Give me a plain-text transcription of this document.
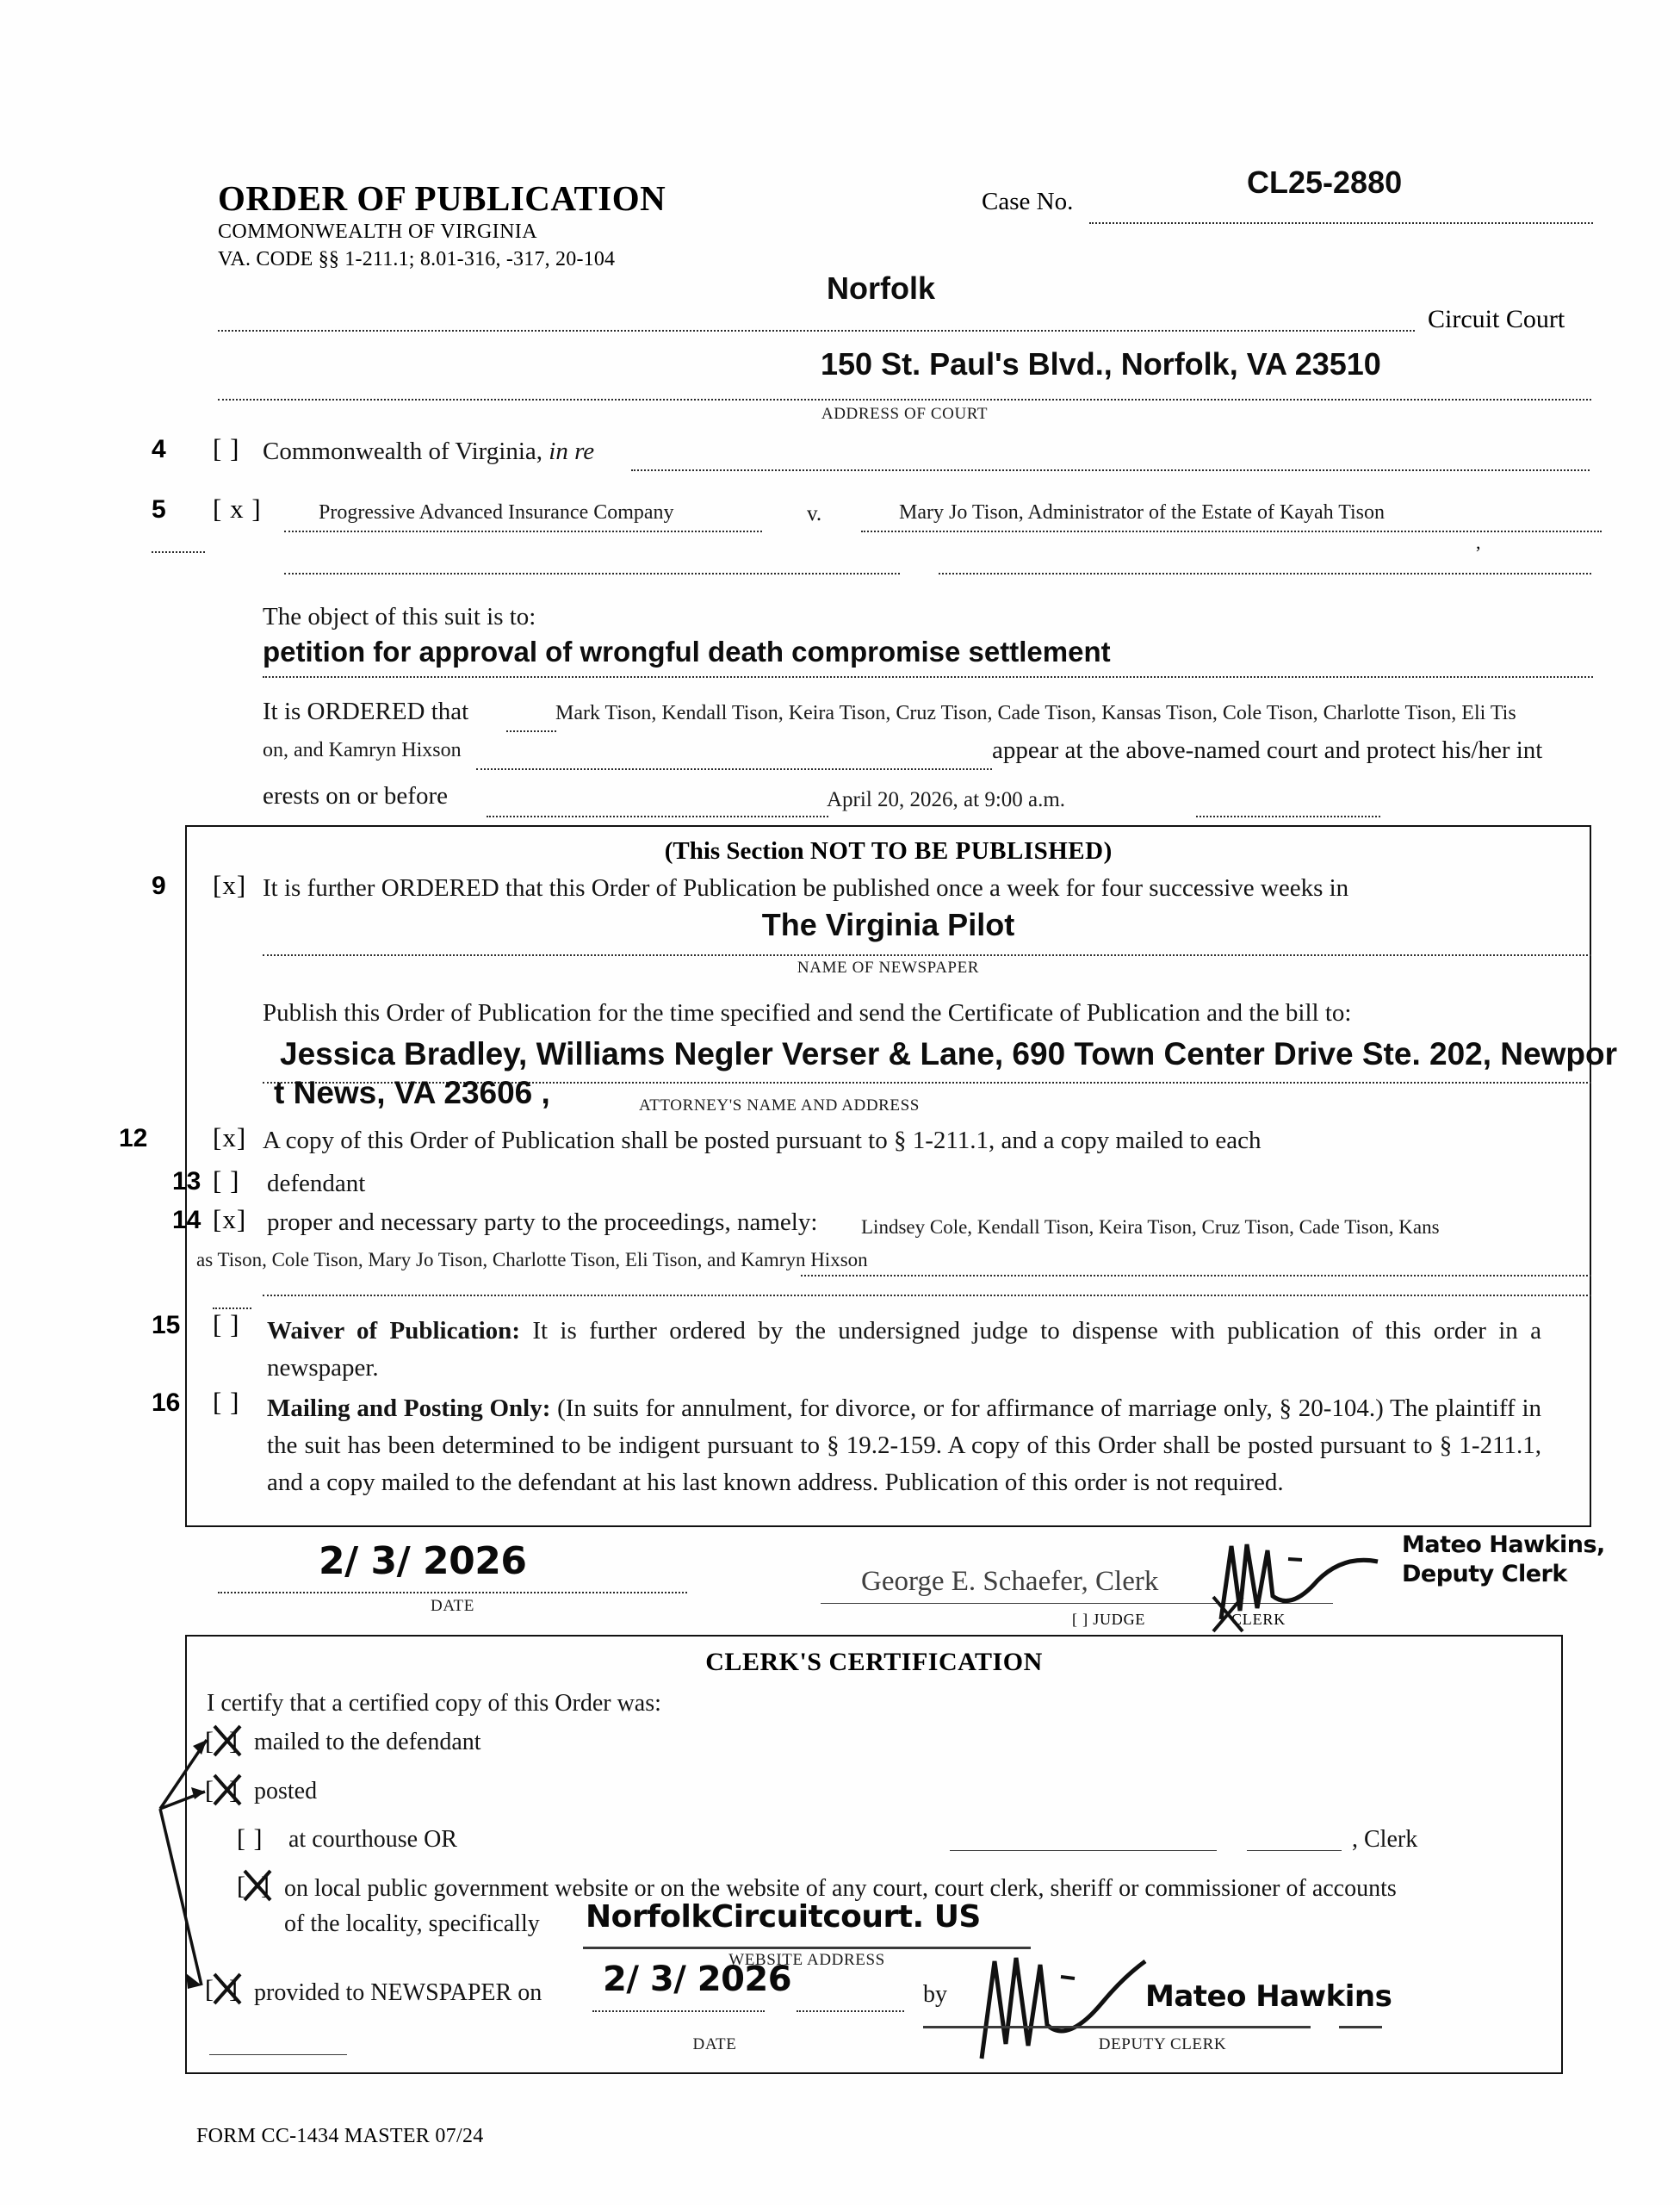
ORDER OF PUBLICATION
COMMONWEALTH OF VIRGINIA
VA. CODE §§ 1-211.1; 8.01-316, -317, 20-104
Case No.
CL25-2880
Norfolk
Circuit Court
150 St. Paul's Blvd., Norfolk, VA 23510
ADDRESS OF COURT
4 [ ] Commonwealth of Virginia, in re
5 [ x ]	Progressive Advanced Insurance Company	v.	Mary Jo Tison, Administrator of the Estate of Kayah Tison
,
The object of this suit is to:
petition for approval of wrongful death compromise settlement
It is ORDERED that	Mark Tison, Kendall Tison, Keira Tison, Cruz Tison, Cade Tison, Kansas Tison, Cole Tison, Charlotte Tison, Eli Tis
on, and Kamryn Hixson	appear at the above-named court and protect his/her int
erests on or before	April 20, 2026, at 9:00 a.m.
(This Section NOT TO BE PUBLISHED)
9 [x] It is further ORDERED that this Order of Publication be published once a week for four successive weeks in
The Virginia Pilot
NAME OF NEWSPAPER
Publish this Order of Publication for the time specified and send the Certificate of Publication and the bill to:
Jessica Bradley, Williams Negler Verser & Lane, 690 Town Center Drive Ste. 202, Newpor
t News, VA 23606 ,	ATTORNEY'S NAME AND ADDRESS
12 [x] A copy of this Order of Publication shall be posted pursuant to § 1-211.1, and a copy mailed to each
13 [ ] defendant
14 [x] proper and necessary party to the proceedings, namely: Lindsey Cole, Kendall Tison, Keira Tison, Cruz Tison, Cade Tison, Kans
as Tison, Cole Tison, Mary Jo Tison, Charlotte Tison, Eli Tison, and Kamryn Hixson
15 [ ] Waiver of Publication: It is further ordered by the undersigned judge to dispense with publication of this order in a newspaper.
16 [ ] Mailing and Posting Only: (In suits for annulment, for divorce, or for affirmance of marriage only, § 20-104.) The plaintiff in the suit has been determined to be indigent pursuant to § 19.2-159. A copy of this Order shall be posted pursuant to § 1-211.1, and a copy mailed to the defendant at his last known address. Publication of this order is not required.
2/ 3/ 2026
DATE
George E. Schaefer, Clerk
Mateo Hawkins,
Deputy Clerk
[ ] JUDGE	CLERK
CLERK'S CERTIFICATION
I certify that a certified copy of this Order was:
[  ] mailed to the defendant
[  ] posted
[ ] at courthouse OR	, Clerk
[  ] on local public government website or on the website of any court, court clerk, sheriff or commissioner of accounts
of the locality, specifically NorfolkCircuitcourt. US
WEBSITE ADDRESS
[  ] provided to NEWSPAPER on 2/ 3/ 2026	by	Mateo Hawkins
DATE	DEPUTY CLERK
FORM CC-1434 MASTER 07/24
